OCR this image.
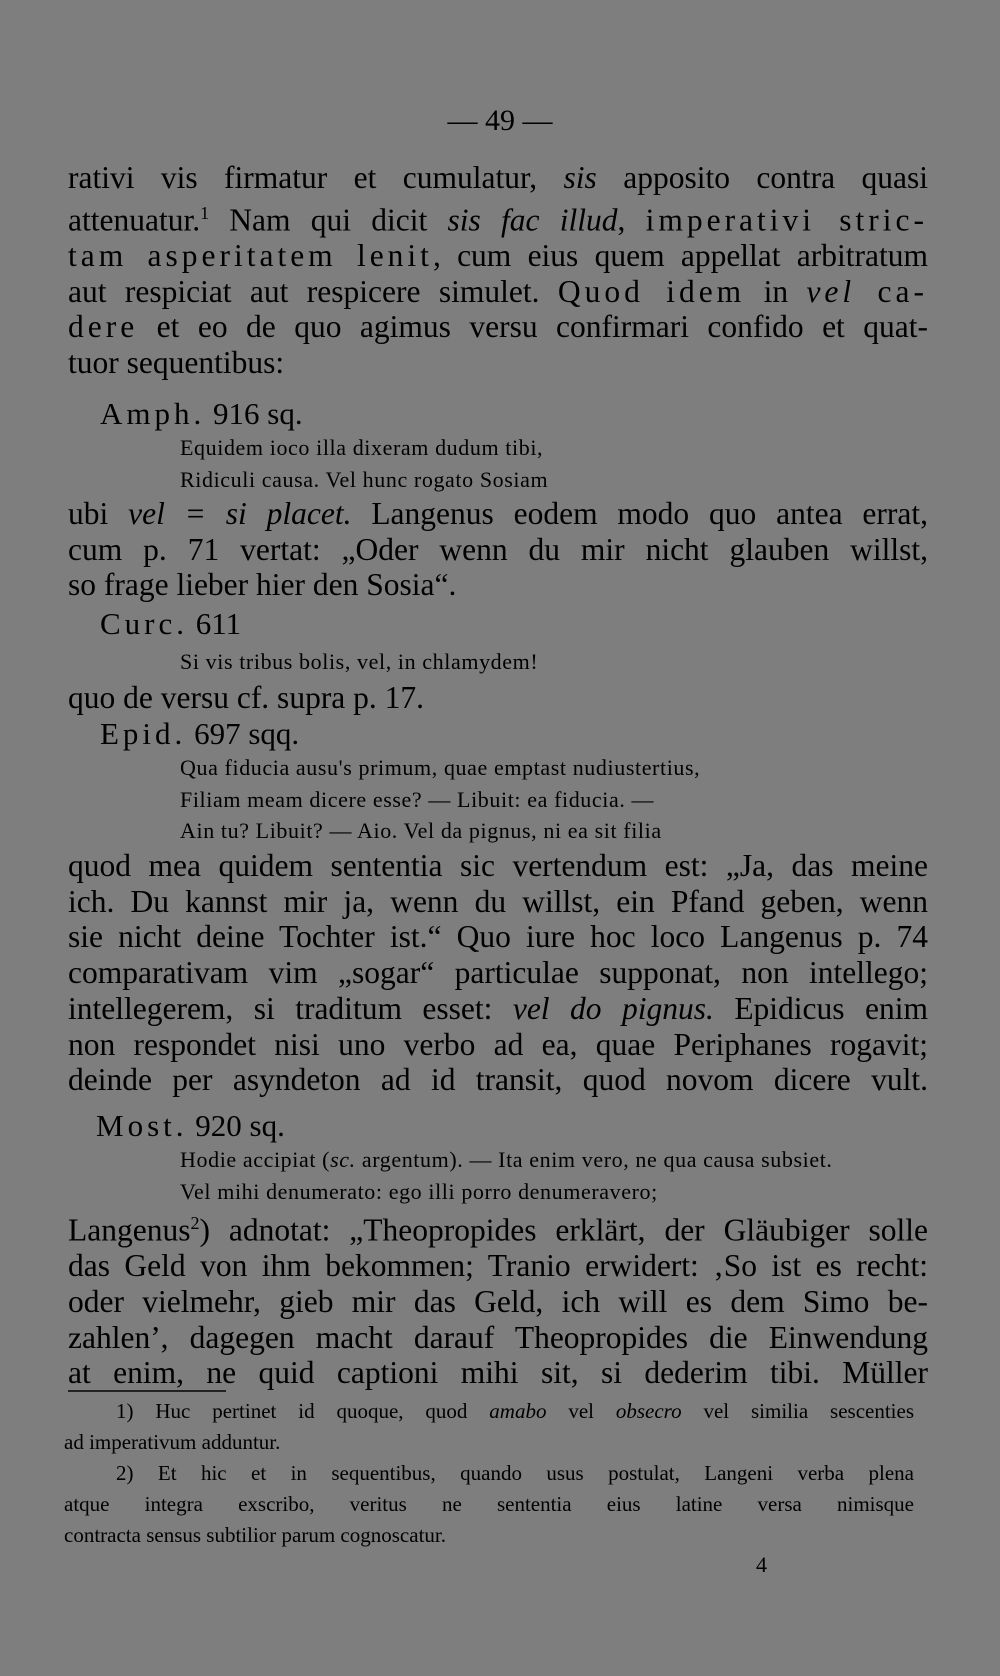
— 49 —

rativi vis firmatur et cumulatur, sis apposito contra quasi

attenuatur.$^1$ Nam qui dicit sis fac illud, imperativi stric-

tam asperitatem lenit, cum eius quem appellat arbitratum

aut respiciat aut respicere simulet. Quod idem in vel ca-

dere et eo de quo agimus versu confirmari confido et quat-

tuor sequentibus:

Amph. 916 sq.

Equidem ioco illa dixeram dudum tibi,

Ridiculi causa. Vel hunc rogato Sosiam

ubi vel = si placet. Langenus eodem modo quo antea errat,

cum p. 71 vertat: „Oder wenn du mir nicht glauben willst,

so frage lieber hier den Sosia“.

Curc. 611

Si vis tribus bolis, vel, in chlamydem!

quo de versu cf. supra p. 17.

Epid. 697 sqq.

Qua fiducia ausu's primum, quae emptast nudiustertius,

Filiam meam dicere esse? — Libuit: ea fiducia. —

Ain tu? Libuit? — Aio. Vel da pignus, ni ea sit filia

quod mea quidem sententia sic vertendum est: „Ja, das meine

ich. Du kannst mir ja, wenn du willst, ein Pfand geben, wenn

sie nicht deine Tochter ist.“ Quo iure hoc loco Langenus p. 74

comparativam vim „sogar“ particulae supponat, non intellego;

intellegerem, si traditum esset: vel do pignus. Epidicus enim

non respondet nisi uno verbo ad ea, quae Periphanes rogavit;

deinde per asyndeton ad id transit, quod novom dicere vult.

Most. 920 sq.

Hodie accipiat (sc. argentum). — Ita enim vero, ne qua causa subsiet.

Vel mihi denumerato: ego illi porro denumeravero;

Langenus$^2$) adnotat: „Theopropides erklärt, der Gläubiger solle

das Geld von ihm bekommen; Tranio erwidert: ‚So ist es recht:

oder vielmehr, gieb mir das Geld, ich will es dem Simo be-

zahlen’, dagegen macht darauf Theopropides die Einwendung

at enim, ne quid captioni mihi sit, si dederim tibi. Müller

1) Huc pertinet id quoque, quod amabo vel obsecro vel similia sescenties

ad imperativum adduntur.

2) Et hic et in sequentibus, quando usus postulat, Langeni verba plena

atque integra exscribo, veritus ne sententia eius latine versa nimisque

contracta sensus subtilior parum cognoscatur.

4
